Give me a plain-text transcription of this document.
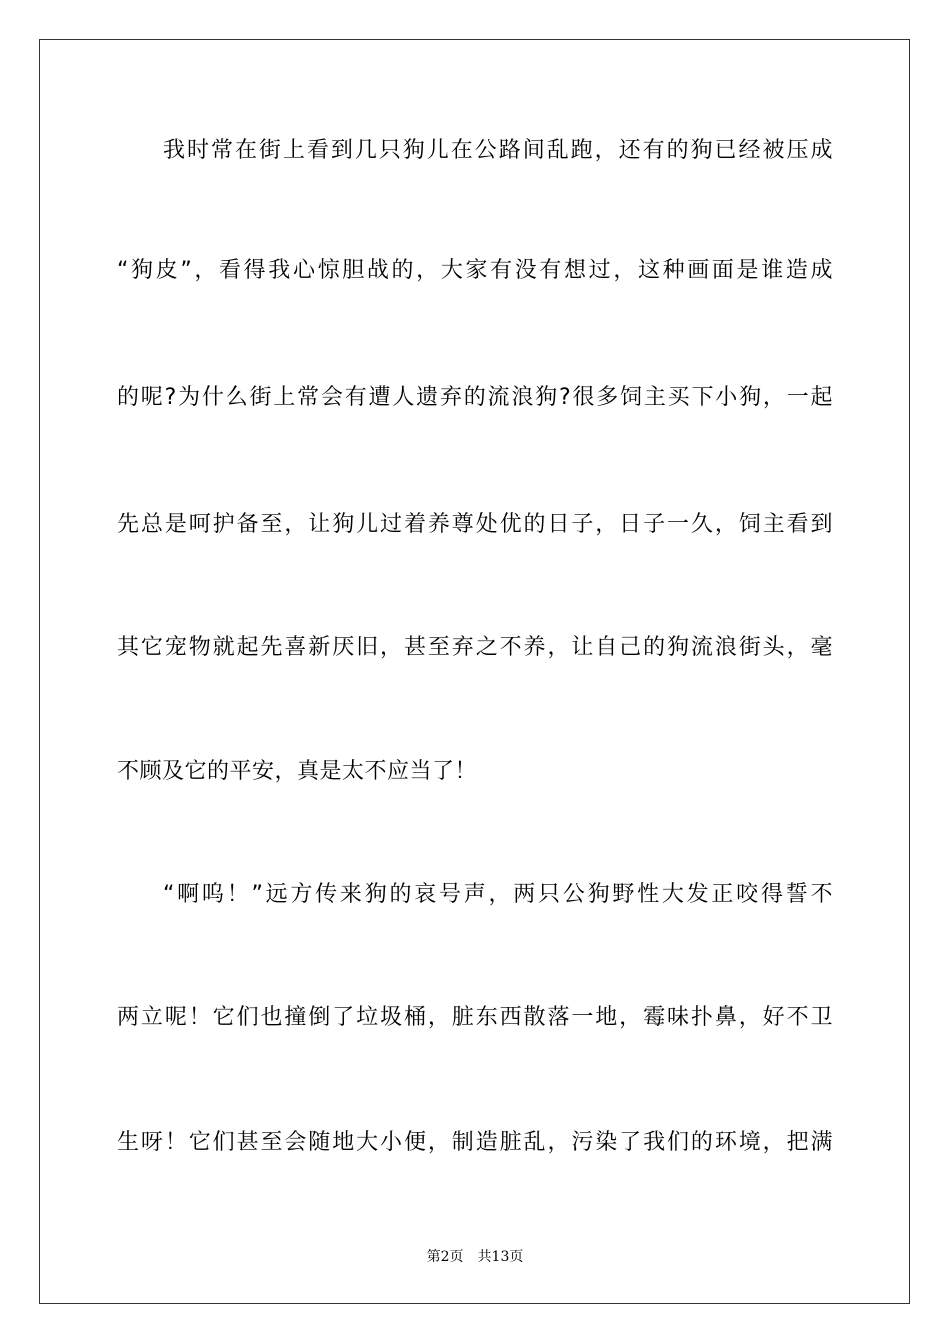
我时常在街上看到几只狗儿在公路间乱跑，还有的狗已经被压成
“狗皮”，看得我心惊胆战的，大家有没有想过，这种画面是谁造成
的呢?为什么街上常会有遭人遗弃的流浪狗?很多饲主买下小狗，一起
先总是呵护备至，让狗儿过着养尊处优的日子，日子一久，饲主看到
其它宠物就起先喜新厌旧，甚至弃之不养，让自己的狗流浪街头，毫
不顾及它的平安，真是太不应当了！
“啊呜！”远方传来狗的哀号声，两只公狗野性大发正咬得誓不
两立呢！它们也撞倒了垃圾桶，脏东西散落一地，霉味扑鼻，好不卫
生呀！它们甚至会随地大小便，制造脏乱，污染了我们的环境，把满
第2页 共13页
